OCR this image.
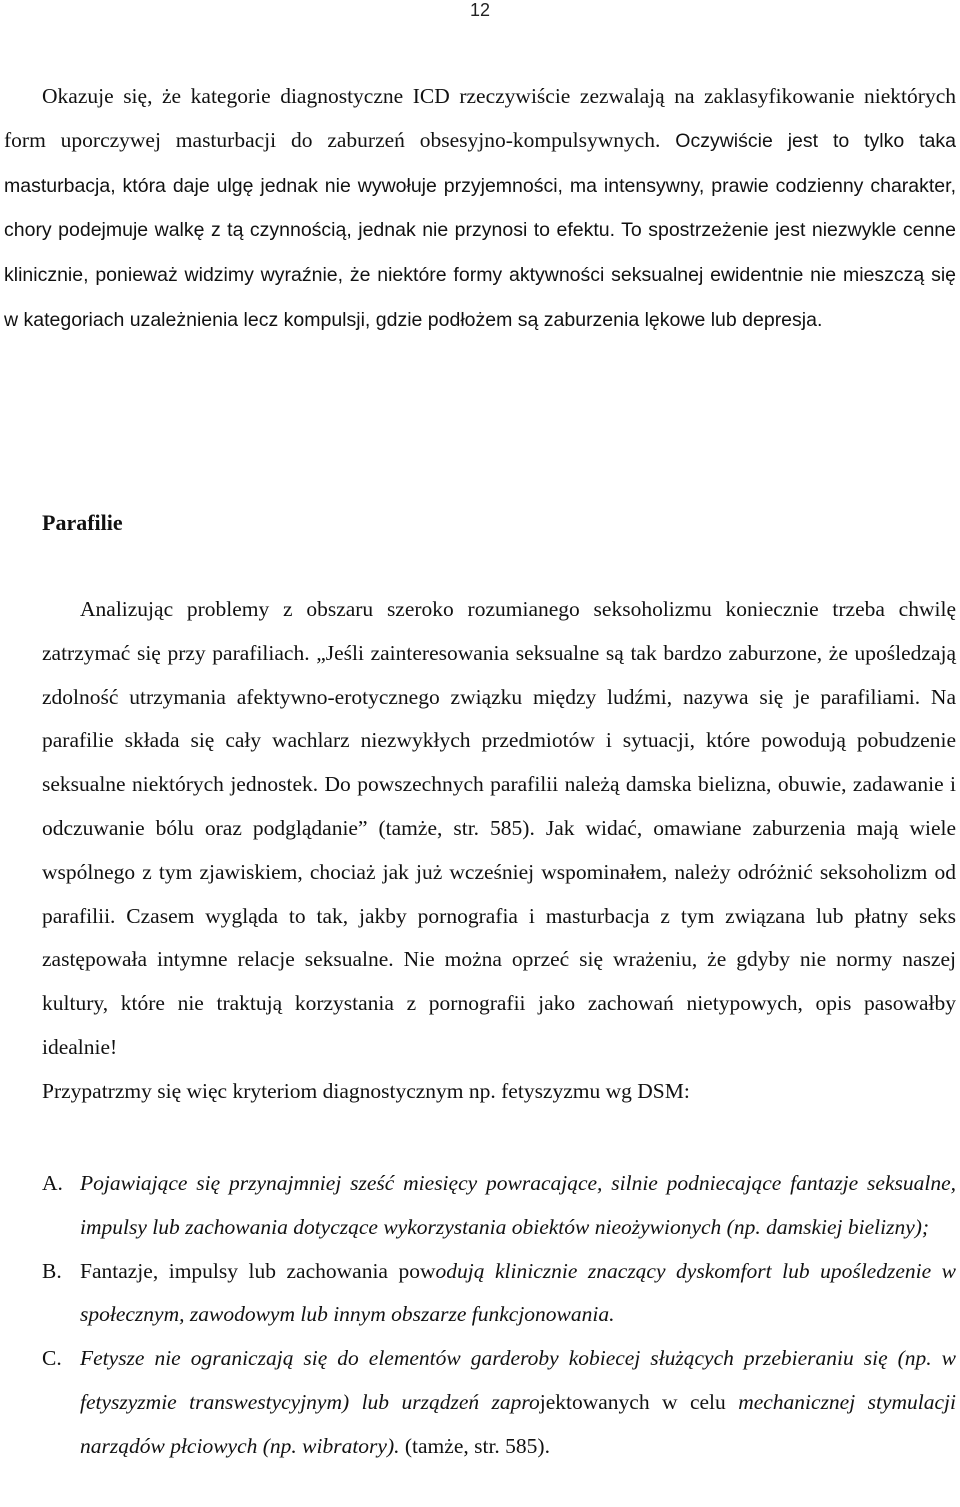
12

Okazuje się, że kategorie diagnostyczne ICD rzeczywiście zezwalają na zaklasyfikowanie niektórych form uporczywej masturbacji do zaburzeń obsesyjno-kompulsywnych. Oczywiście jest to tylko taka masturbacja, która daje ulgę jednak nie wywołuje przyjemności, ma intensywny, prawie codzienny charakter, chory podejmuje walkę z tą czynnością, jednak nie przynosi to efektu. To spostrzeżenie jest niezwykle cenne klinicznie, ponieważ widzimy wyraźnie, że niektóre formy aktywności seksualnej ewidentnie nie mieszczą się w kategoriach uzależnienia lecz kompulsji, gdzie podłożem są zaburzenia lękowe lub depresja.

Parafilie

Analizując problemy z obszaru szeroko rozumianego seksoholizmu koniecznie trzeba chwilę zatrzymać się przy parafiliach. „Jeśli zainteresowania seksualne są tak bardzo zaburzone, że upośledzają zdolność utrzymania afektywno-erotycznego związku między ludźmi, nazywa się je parafiliami. Na parafilie składa się cały wachlarz niezwykłych przedmiotów i sytuacji, które powodują pobudzenie seksualne niektórych jednostek. Do powszechnych parafilii należą damska bielizna, obuwie, zadawanie i odczuwanie bólu oraz podglądanie” (tamże, str. 585). Jak widać, omawiane zaburzenia mają wiele wspólnego z tym zjawiskiem, chociaż jak już wcześniej wspominałem, należy odróżnić seksoholizm od parafilii. Czasem wygląda to tak, jakby pornografia i masturbacja z tym związana lub płatny seks zastępowała intymne relacje seksualne. Nie można oprzeć się wrażeniu, że gdyby nie normy naszej kultury, które nie traktują korzystania z pornografii jako zachowań nietypowych, opis pasowałby idealnie!

Przypatrzmy się więc kryteriom diagnostycznym np. fetyszyzmu wg DSM:

A. Pojawiające się przynajmniej sześć miesięcy powracające, silnie podniecające fantazje seksualne, impulsy lub zachowania dotyczące wykorzystania obiektów nieożywionych (np. damskiej bielizny);
B. Fantazje, impulsy lub zachowania powodują klinicznie znaczący dyskomfort lub upośledzenie w społecznym, zawodowym lub innym obszarze funkcjonowania.
C. Fetysze nie ograniczają się do elementów garderoby kobiecej służących przebieraniu się (np. w fetyszyzmie transwestycyjnym) lub urządzeń zaprojektowanych w celu mechanicznej stymulacji narządów płciowych (np. wibratory). (tamże, str. 585).
